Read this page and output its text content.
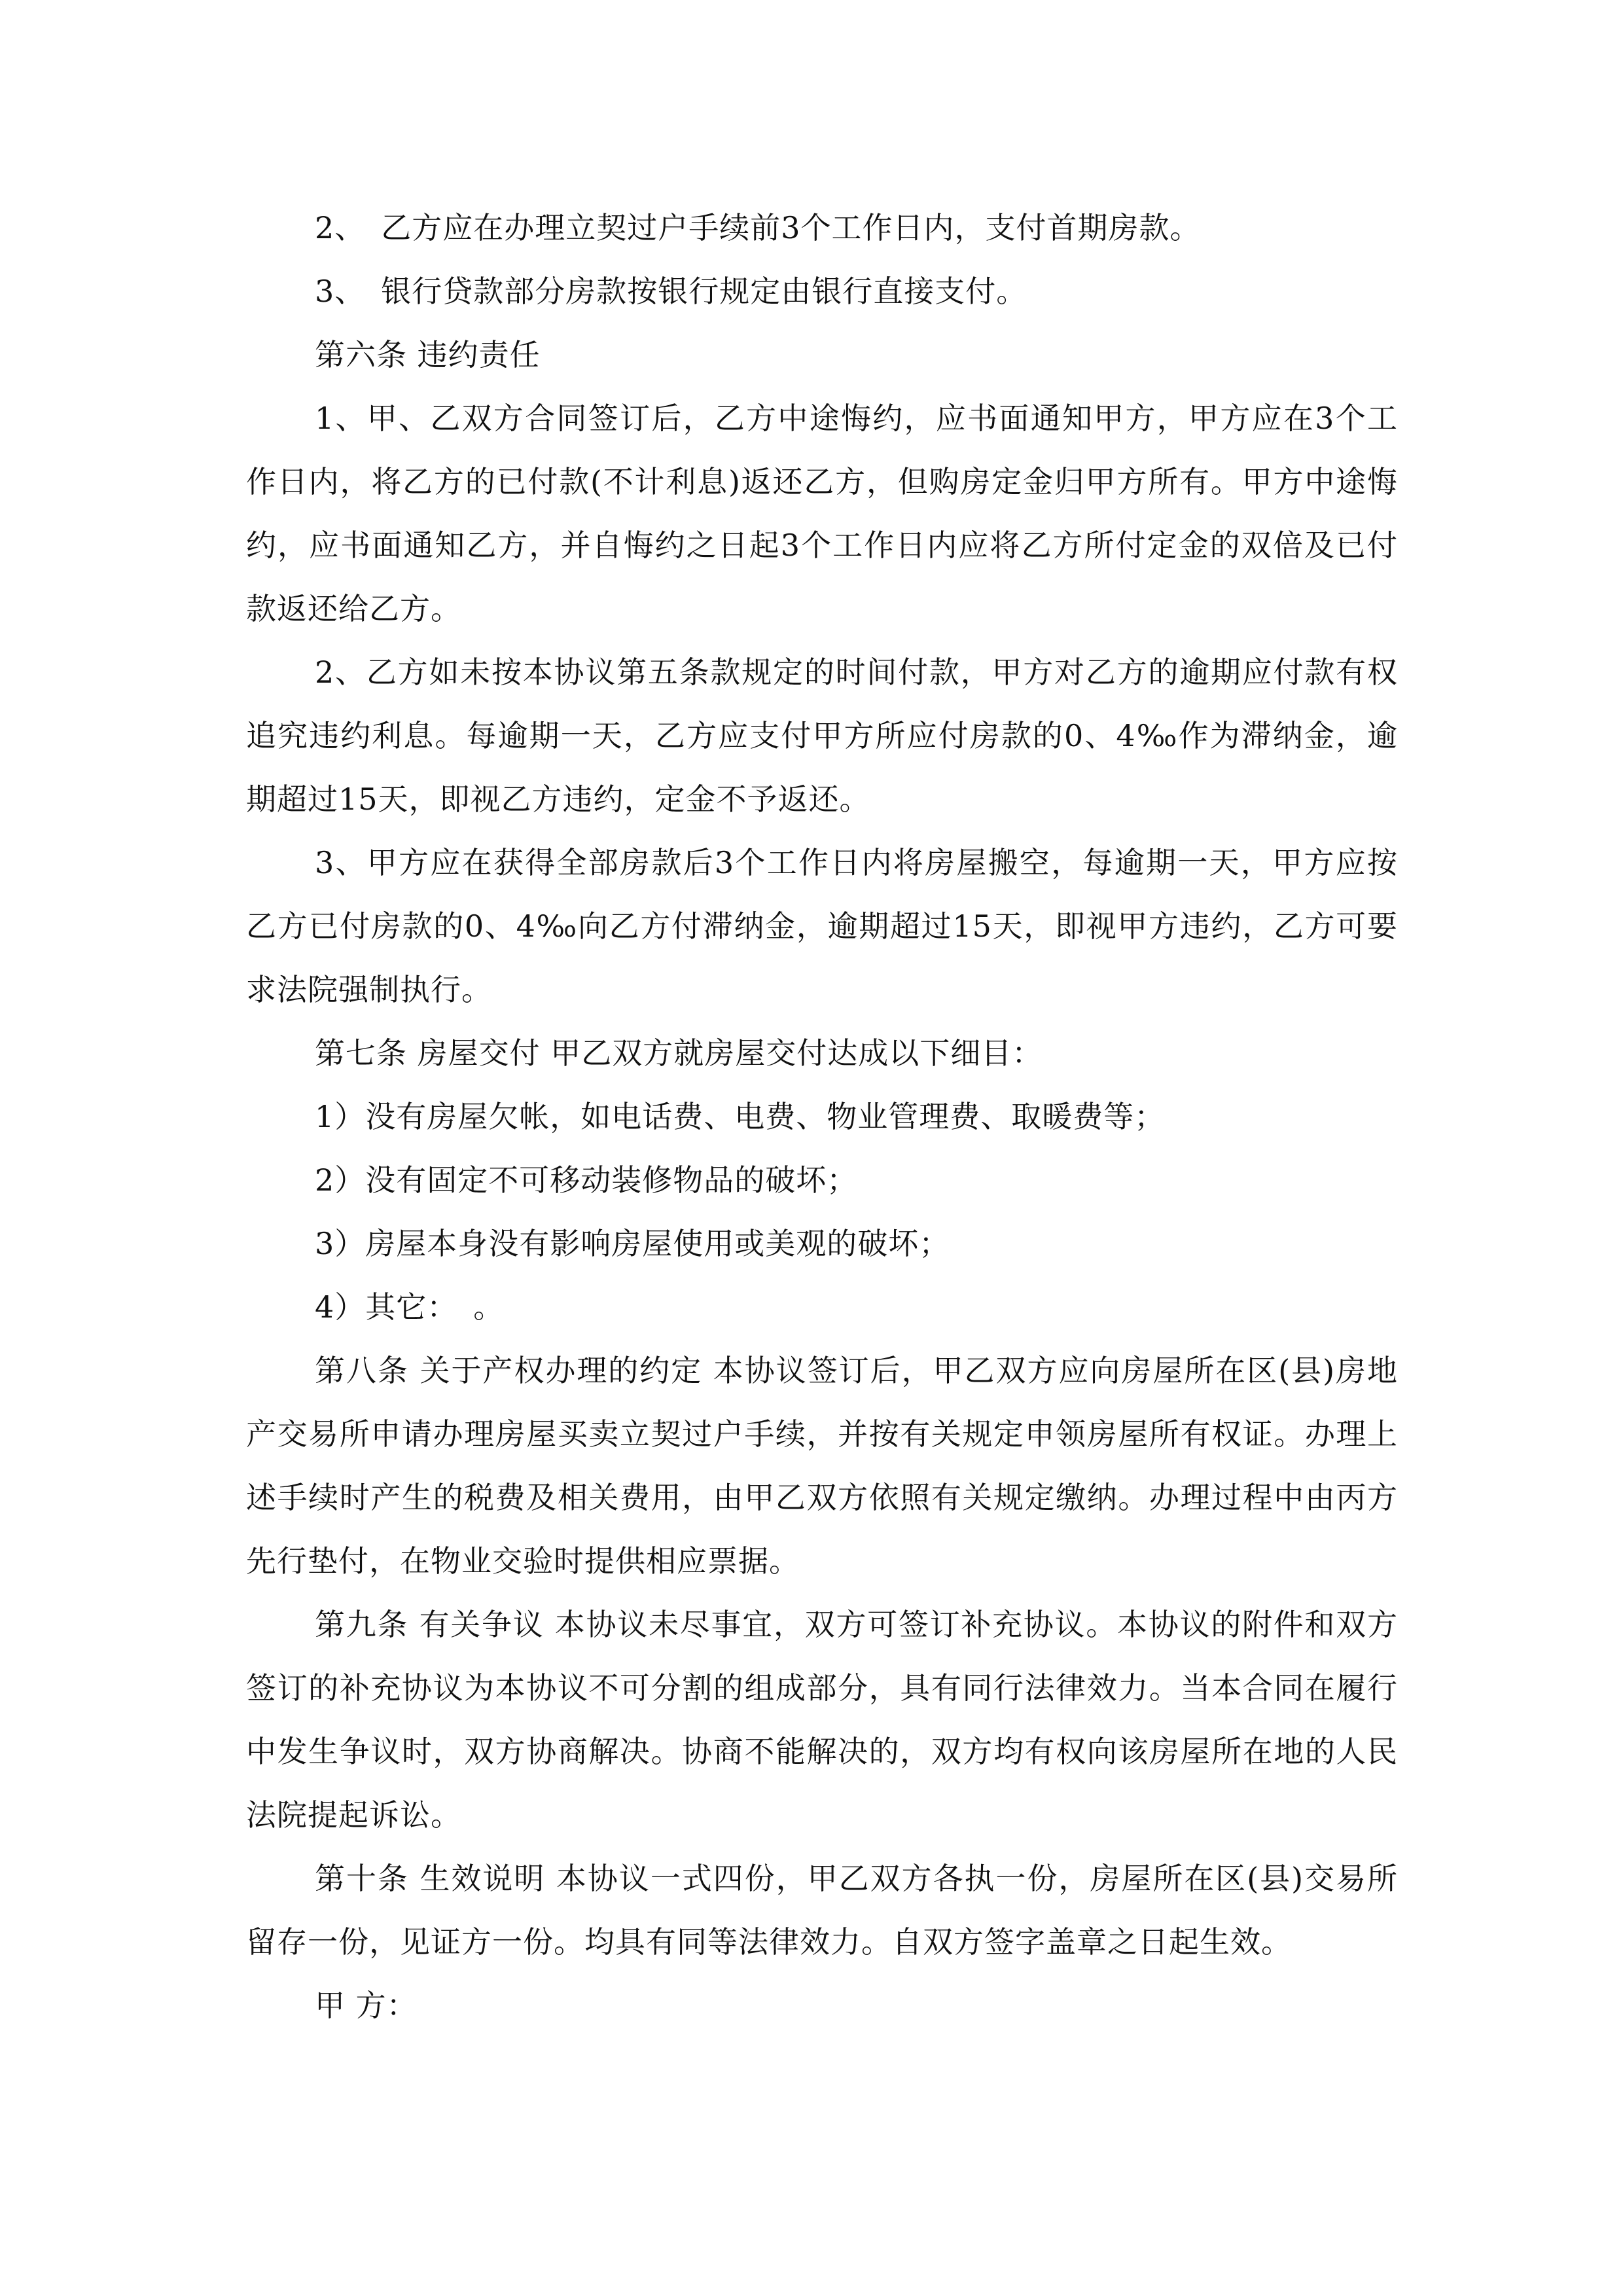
2、　乙方应在办理立契过户手续前3个工作日内，支付首期房款。

3、　银行贷款部分房款按银行规定由银行直接支付。

第六条 违约责任

1、甲、乙双方合同签订后，乙方中途悔约，应书面通知甲方，甲方应在3个工作日内，将乙方的已付款(不计利息)返还乙方，但购房定金归甲方所有。甲方中途悔约，应书面通知乙方，并自悔约之日起3个工作日内应将乙方所付定金的双倍及已付款返还给乙方。

2、乙方如未按本协议第五条款规定的时间付款，甲方对乙方的逾期应付款有权追究违约利息。每逾期一天，乙方应支付甲方所应付房款的0、4‰作为滞纳金，逾期超过15天，即视乙方违约，定金不予返还。

3、甲方应在获得全部房款后3个工作日内将房屋搬空，每逾期一天，甲方应按乙方已付房款的0、4‰向乙方付滞纳金，逾期超过15天，即视甲方违约，乙方可要求法院强制执行。

第七条 房屋交付 甲乙双方就房屋交付达成以下细目：

1）没有房屋欠帐，如电话费、电费、物业管理费、取暖费等；

2）没有固定不可移动装修物品的破坏；

3）房屋本身没有影响房屋使用或美观的破坏；

4）其它：　。

第八条 关于产权办理的约定 本协议签订后，甲乙双方应向房屋所在区(县)房地产交易所申请办理房屋买卖立契过户手续，并按有关规定申领房屋所有权证。办理上述手续时产生的税费及相关费用，由甲乙双方依照有关规定缴纳。办理过程中由丙方先行垫付，在物业交验时提供相应票据。

第九条 有关争议 本协议未尽事宜，双方可签订补充协议。本协议的附件和双方签订的补充协议为本协议不可分割的组成部分，具有同行法律效力。当本合同在履行中发生争议时，双方协商解决。协商不能解决的，双方均有权向该房屋所在地的人民法院提起诉讼。

第十条 生效说明 本协议一式四份，甲乙双方各执一份，房屋所在区(县)交易所留存一份，见证方一份。均具有同等法律效力。自双方签字盖章之日起生效。

甲 方：
